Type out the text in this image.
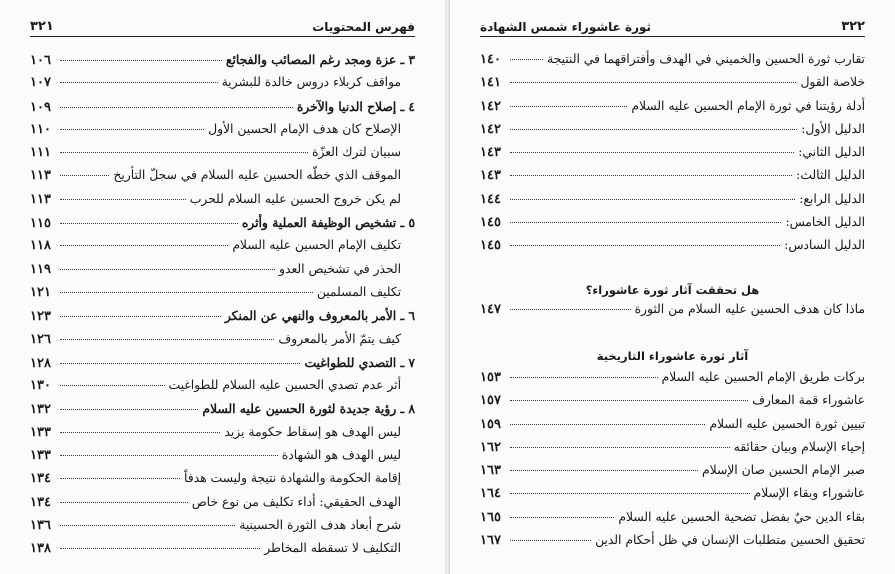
فهرس المحتويات
٣٢١
٣ ـ عزة ومجد رغم المصائب والفجائع
١٠٦
مواقف كربلاء دروس خالدة للبشرية
١٠٧
٤ ـ إصلاح الدنيا والآخرة
١٠٩
الإصلاح كان هدف الإمام الحسين الأول
١١٠
سبيان لترك العزّة
١١١
الموقف الذي خطّه الحسين عليه السلام في سجلّ التأريخ
١١٣
لم يكن خروج الحسين عليه السلام للحرب
١١٣
٥ ـ تشخيص الوظيفة العملية وأثره
١١٥
تكليف الإمام الحسين عليه السلام
١١٨
الحذر في تشخيص العدو
١١٩
تكليف المسلمين
١٢١
٦ ـ الأمر بالمعروف والنهي عن المنكر
١٢٣
كيف يتمّ الأمر بالمعروف
١٢٦
٧ ـ التصدي للطواغيت
١٢٨
أثر عدم تصدي الحسين عليه السلام للطواغيت
١٣٠
٨ ـ رؤية جديدة لثورة الحسين عليه السلام
١٣٢
ليس الهدف هو إسقاط حكومة يزيد
١٣٣
ليس الهدف هو الشهادة
١٣٣
إقامة الحكومة والشهادة نتيجة وليست هدفاً
١٣٤
الهدف الحقيقي: أداء تكليف من نوع خاص
١٣٤
شرح أبعاد هدف الثورة الحسينية
١٣٦
التكليف لا تسقطه المخاطر
١٣٨
٣٢٢
ثورة عاشوراء شمس الشهادة
تقارب ثورة الحسين والخميني في الهدف وأفتراقهما في النتيجة
١٤٠
خلاصة القول
١٤١
أدلة رؤيتنا في ثورة الإمام الحسين عليه السلام
١٤٢
الدليل الأول:
١٤٢
الدليل الثاني:
١٤٣
الدليل الثالث:
١٤٣
الدليل الرابع:
١٤٤
الدليل الخامس:
١٤٥
الدليل السادس:
١٤٥
هل تحققت آثار ثورة عاشوراء؟
ماذا كان هدف الحسين عليه السلام من الثورة
١٤٧
آثار ثورة عاشوراء التاريخية
بركات طريق الإمام الحسين عليه السلام
١٥٣
عاشوراء قمة المعارف
١٥٧
تبيين ثورة الحسين عليه السلام
١٥٩
إحياء الإسلام وبيان حقائقه
١٦٢
صبر الإمام الحسين صان الإسلام
١٦٣
عاشوراء وبقاء الإسلام
١٦٤
بقاء الدين حيٌ بفضل تضحية الحسين عليه السلام
١٦٥
تحقيق الحسين متطلبات الإنسان في ظل أحكام الدين
١٦٧
